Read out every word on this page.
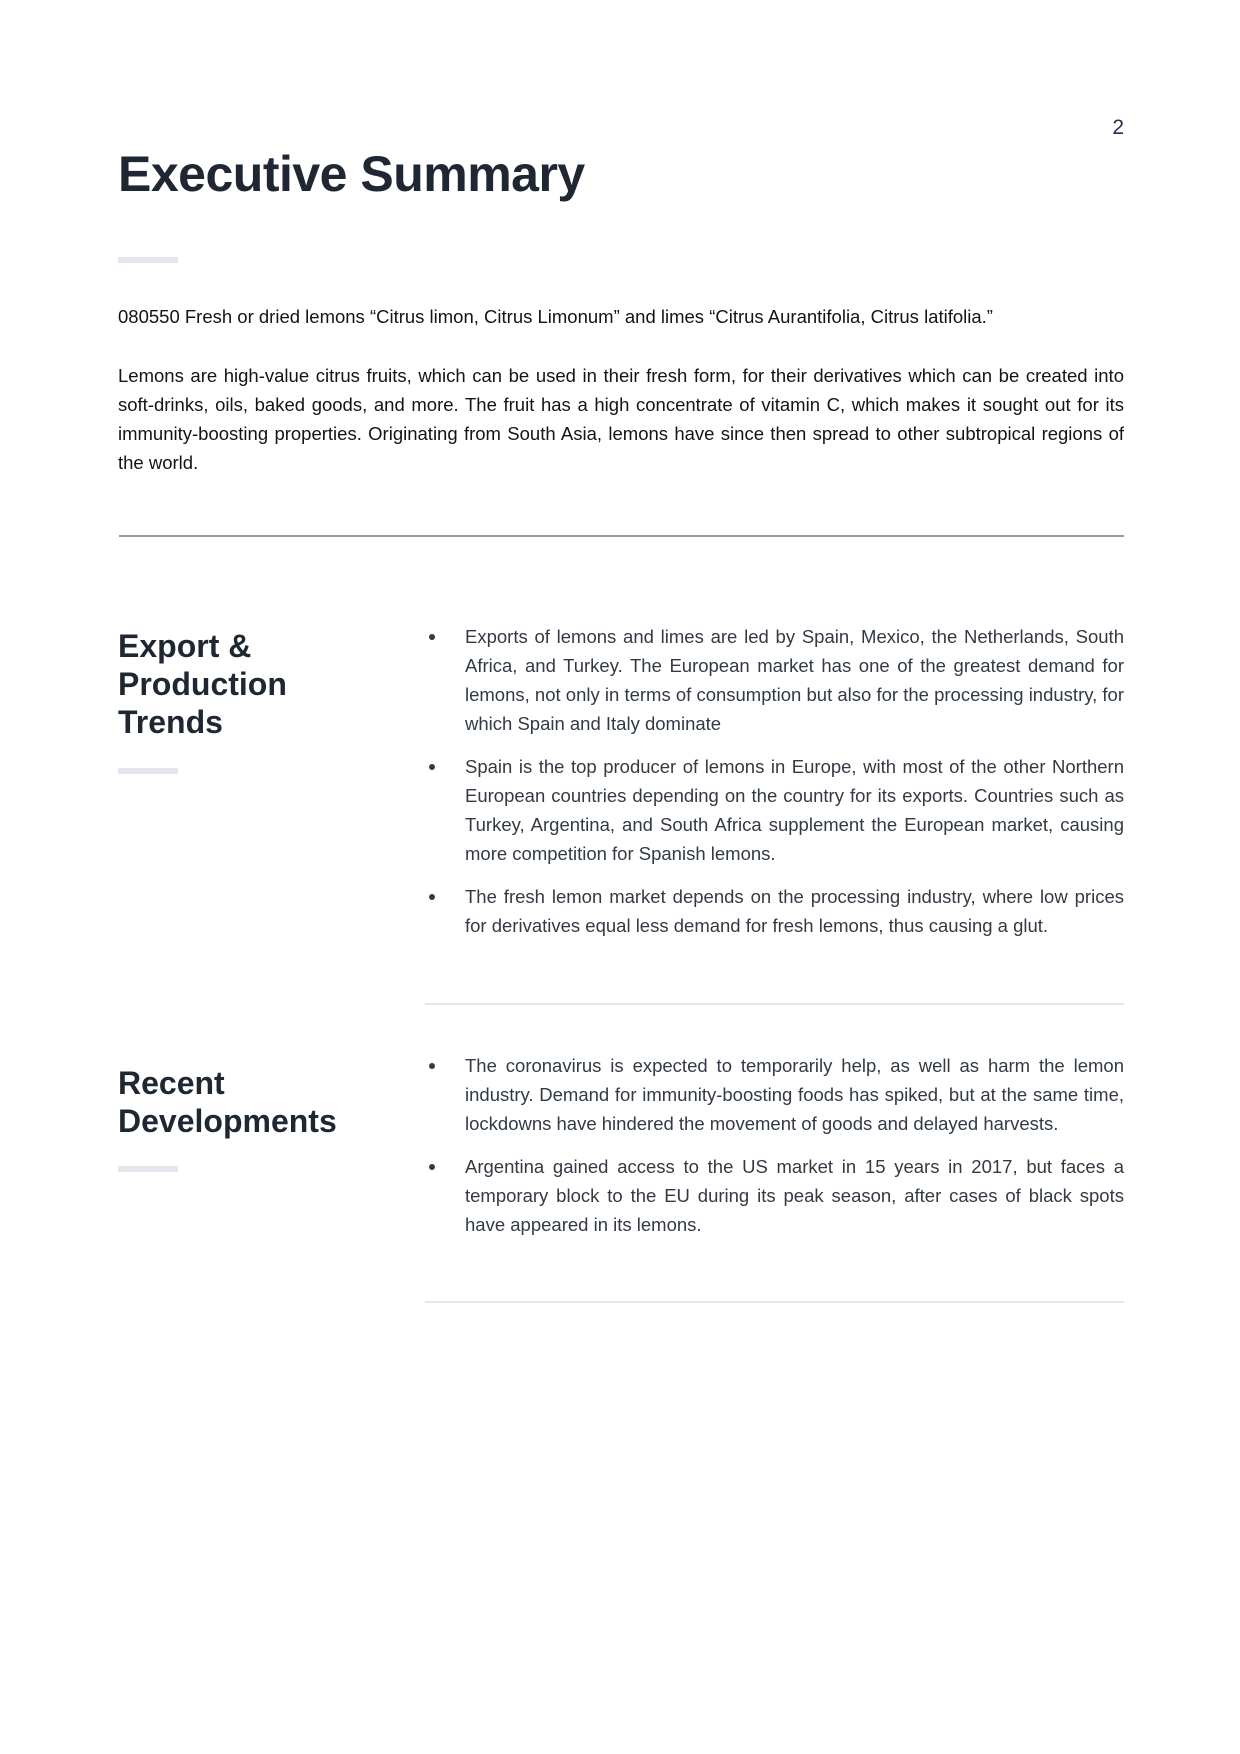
2
Executive Summary

080550 Fresh or dried lemons “Citrus limon, Citrus Limonum” and limes “Citrus Aurantifolia, Citrus latifolia.”

Lemons are high-value citrus fruits, which can be used in their fresh form, for their derivatives which can be created into soft-drinks, oils, baked goods, and more. The fruit has a high concentrate of vitamin C, which makes it sought out for its immunity-boosting properties. Originating from South Asia, lemons have since then spread to other subtropical regions of the world.

Export & Production Trends
Exports of lemons and limes are led by Spain, Mexico, the Netherlands, South Africa, and Turkey. The European market has one of the greatest demand for lemons, not only in terms of consumption but also for the processing industry, for which Spain and Italy dominate
Spain is the top producer of lemons in Europe, with most of the other Northern European countries depending on the country for its exports. Countries such as Turkey, Argentina, and South Africa supplement the European market, causing more competition for Spanish lemons.
The fresh lemon market depends on the processing industry, where low prices for derivatives equal less demand for fresh lemons, thus causing a glut.
Recent Developments
The coronavirus is expected to temporarily help, as well as harm the lemon industry. Demand for immunity-boosting foods has spiked, but at the same time, lockdowns have hindered the movement of goods and delayed harvests.
Argentina gained access to the US market in 15 years in 2017, but faces a temporary block to the EU during its peak season, after cases of black spots have appeared in its lemons.
